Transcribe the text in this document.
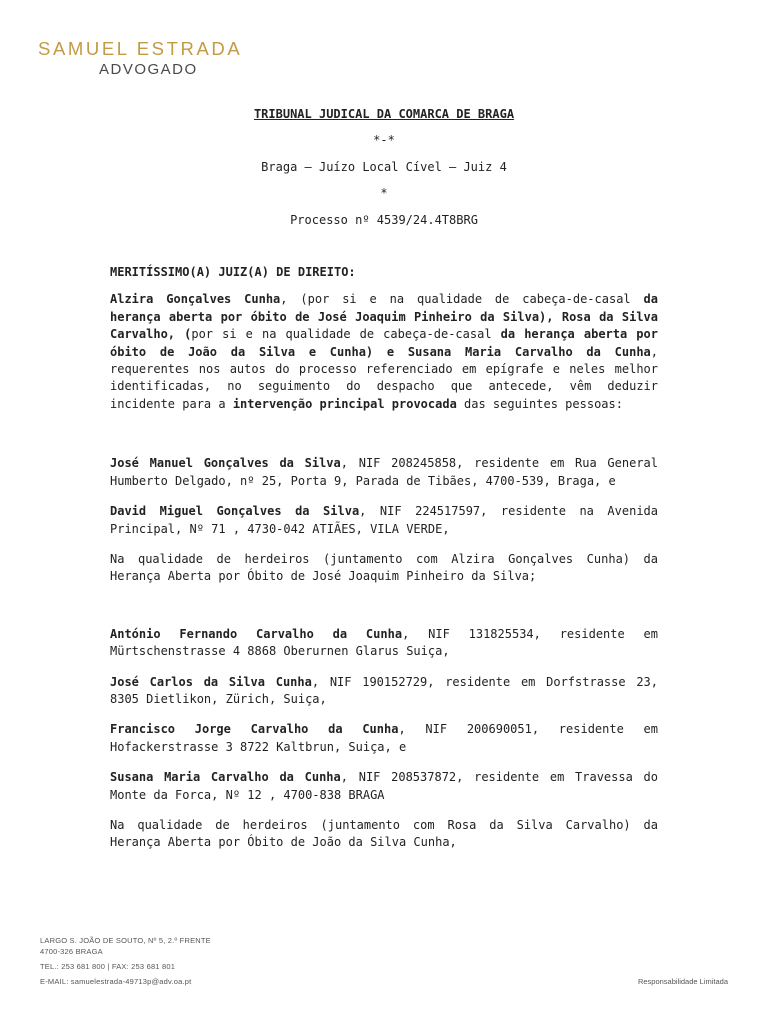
SAMUEL ESTRADA
ADVOGADO

TRIBUNAL JUDICAL DA COMARCA DE BRAGA

*-*

Braga – Juízo Local Cível – Juiz 4

*

Processo nº 4539/24.4T8BRG

MERITÍSSIMO(A) JUIZ(A) DE DIREITO:

Alzira Gonçalves Cunha, (por si e na qualidade de cabeça-de-casal da herança aberta por óbito de José Joaquim Pinheiro da Silva), Rosa da Silva Carvalho, (por si e na qualidade de cabeça-de-casal da herança aberta por óbito de João da Silva e Cunha) e Susana Maria Carvalho da Cunha, requerentes nos autos do processo referenciado em epígrafe e neles melhor identificadas, no seguimento do despacho que antecede, vêm deduzir incidente para a intervenção principal provocada das seguintes pessoas:

José Manuel Gonçalves da Silva, NIF 208245858, residente em Rua General Humberto Delgado, nº 25, Porta 9, Parada de Tibães, 4700-539, Braga, e

David Miguel Gonçalves da Silva, NIF 224517597, residente na Avenida Principal, Nº 71 , 4730-042 ATIÃES, VILA VERDE,

Na qualidade de herdeiros (juntamento com Alzira Gonçalves Cunha) da Herança Aberta por Óbito de José Joaquim Pinheiro da Silva;

António Fernando Carvalho da Cunha, NIF 131825534, residente em Mürtschenstrasse 4 8868 Oberurnen Glarus Suiça,

José Carlos da Silva Cunha, NIF 190152729, residente em Dorfstrasse 23, 8305 Dietlikon, Zürich, Suiça,

Francisco Jorge Carvalho da Cunha, NIF 200690051, residente em Hofackerstrasse 3 8722 Kaltbrun, Suiça, e

Susana Maria Carvalho da Cunha, NIF 208537872, residente em Travessa do Monte da Forca, Nº 12 , 4700-838 BRAGA

Na qualidade de herdeiros (juntamento com Rosa da Silva Carvalho) da Herança Aberta por Óbito de João da Silva Cunha,

LARGO S. JOÃO DE SOUTO, Nº 5, 2.º FRENTE
4700-326 BRAGA
TEL.: 253 681 800 | FAX: 253 681 801
E-MAIL: samuelestrada-49713p@adv.oa.pt	Responsabilidade Limitada
